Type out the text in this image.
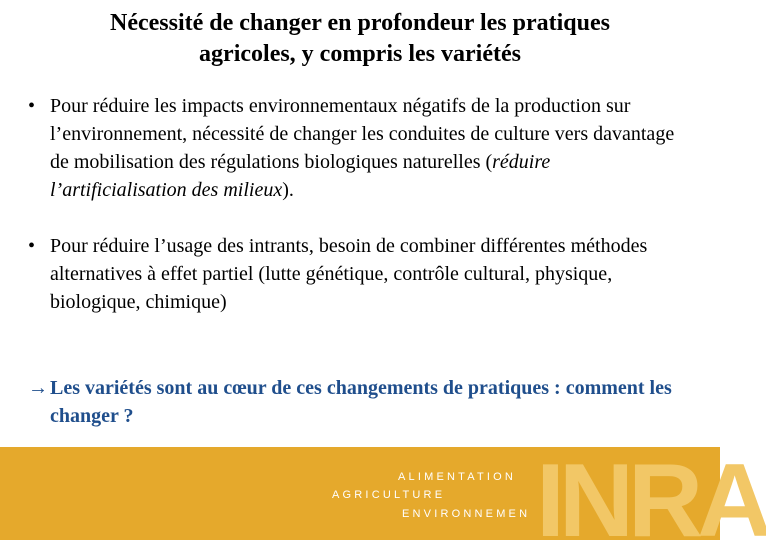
Nécessité de changer en profondeur les pratiques
agricoles, y compris les variétés
• Pour réduire les impacts environnementaux négatifs de la production sur l’environnement, nécessité de changer les conduites de culture vers davantage de mobilisation des régulations biologiques naturelles (réduire l’artificialisation des milieux).
• Pour réduire l’usage des intrants, besoin de combiner différentes méthodes alternatives à effet partiel (lutte génétique, contrôle cultural, physique, biologique, chimique)
→ Les variétés sont au cœur de ces changements de pratiques : comment les changer ?
INRA
ALIMENTATION
AGRICULTURE
ENVIRONNEMEN
